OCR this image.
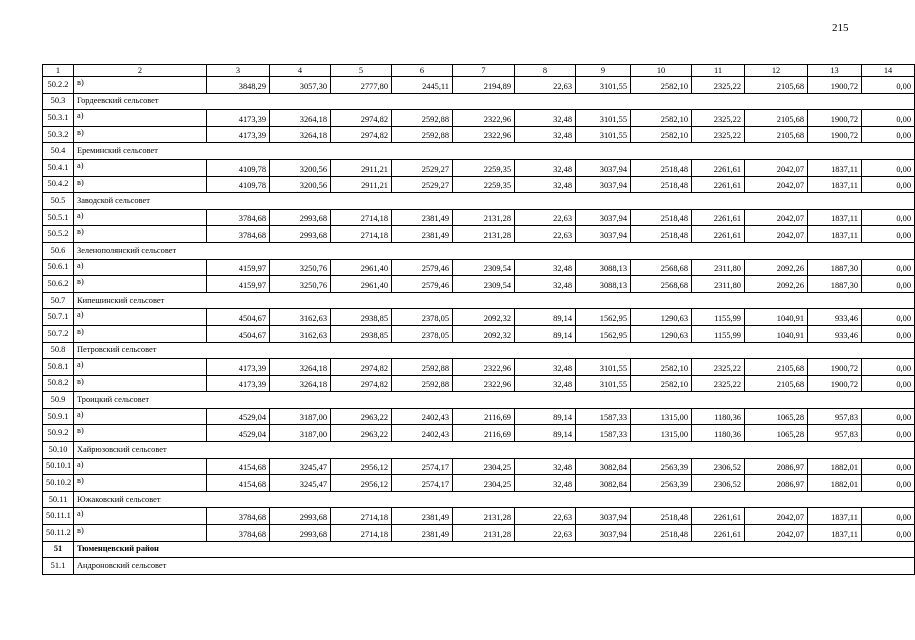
215
1	2	3	4	5	6	7	8	9	10	11	12	13	14
50.2.2	в)	3848,29	3057,30	2777,80	2445,11	2194,89	22,63	3101,55	2582,10	2325,22	2105,68	1900,72	0,00
50.3	Гордеевский сельсовет												
50.3.1	а)	4173,39	3264,18	2974,82	2592,88	2322,96	32,48	3101,55	2582,10	2325,22	2105,68	1900,72	0,00
50.3.2	в)	4173,39	3264,18	2974,82	2592,88	2322,96	32,48	3101,55	2582,10	2325,22	2105,68	1900,72	0,00
50.4	Ереминский сельсовет												
50.4.1	а)	4109,78	3200,56	2911,21	2529,27	2259,35	32,48	3037,94	2518,48	2261,61	2042,07	1837,11	0,00
50.4.2	в)	4109,78	3200,56	2911,21	2529,27	2259,35	32,48	3037,94	2518,48	2261,61	2042,07	1837,11	0,00
50.5	Заводской сельсовет												
50.5.1	а)	3784,68	2993,68	2714,18	2381,49	2131,28	22,63	3037,94	2518,48	2261,61	2042,07	1837,11	0,00
50.5.2	в)	3784,68	2993,68	2714,18	2381,49	2131,28	22,63	3037,94	2518,48	2261,61	2042,07	1837,11	0,00
50.6	Зеленополянский сельсовет												
50.6.1	а)	4159,97	3250,76	2961,40	2579,46	2309,54	32,48	3088,13	2568,68	2311,80	2092,26	1887,30	0,00
50.6.2	в)	4159,97	3250,76	2961,40	2579,46	2309,54	32,48	3088,13	2568,68	2311,80	2092,26	1887,30	0,00
50.7	Кипешинский сельсовет												
50.7.1	а)	4504,67	3162,63	2938,85	2378,05	2092,32	89,14	1562,95	1290,63	1155,99	1040,91	933,46	0,00
50.7.2	в)	4504,67	3162,63	2938,85	2378,05	2092,32	89,14	1562,95	1290,63	1155,99	1040,91	933,46	0,00
50.8	Петровский сельсовет												
50.8.1	а)	4173,39	3264,18	2974,82	2592,88	2322,96	32,48	3101,55	2582,10	2325,22	2105,68	1900,72	0,00
50.8.2	в)	4173,39	3264,18	2974,82	2592,88	2322,96	32,48	3101,55	2582,10	2325,22	2105,68	1900,72	0,00
50.9	Троицкий сельсовет												
50.9.1	а)	4529,04	3187,00	2963,22	2402,43	2116,69	89,14	1587,33	1315,00	1180,36	1065,28	957,83	0,00
50.9.2	в)	4529,04	3187,00	2963,22	2402,43	2116,69	89,14	1587,33	1315,00	1180,36	1065,28	957,83	0,00
50.10	Хайрюзовский сельсовет												
50.10.1	а)	4154,68	3245,47	2956,12	2574,17	2304,25	32,48	3082,84	2563,39	2306,52	2086,97	1882,01	0,00
50.10.2	в)	4154,68	3245,47	2956,12	2574,17	2304,25	32,48	3082,84	2563,39	2306,52	2086,97	1882,01	0,00
50.11	Южаковский сельсовет												
50.11.1	а)	3784,68	2993,68	2714,18	2381,49	2131,28	22,63	3037,94	2518,48	2261,61	2042,07	1837,11	0,00
50.11.2	в)	3784,68	2993,68	2714,18	2381,49	2131,28	22,63	3037,94	2518,48	2261,61	2042,07	1837,11	0,00
51	Тюменцевский район												
51.1	Андроновский сельсовет												
